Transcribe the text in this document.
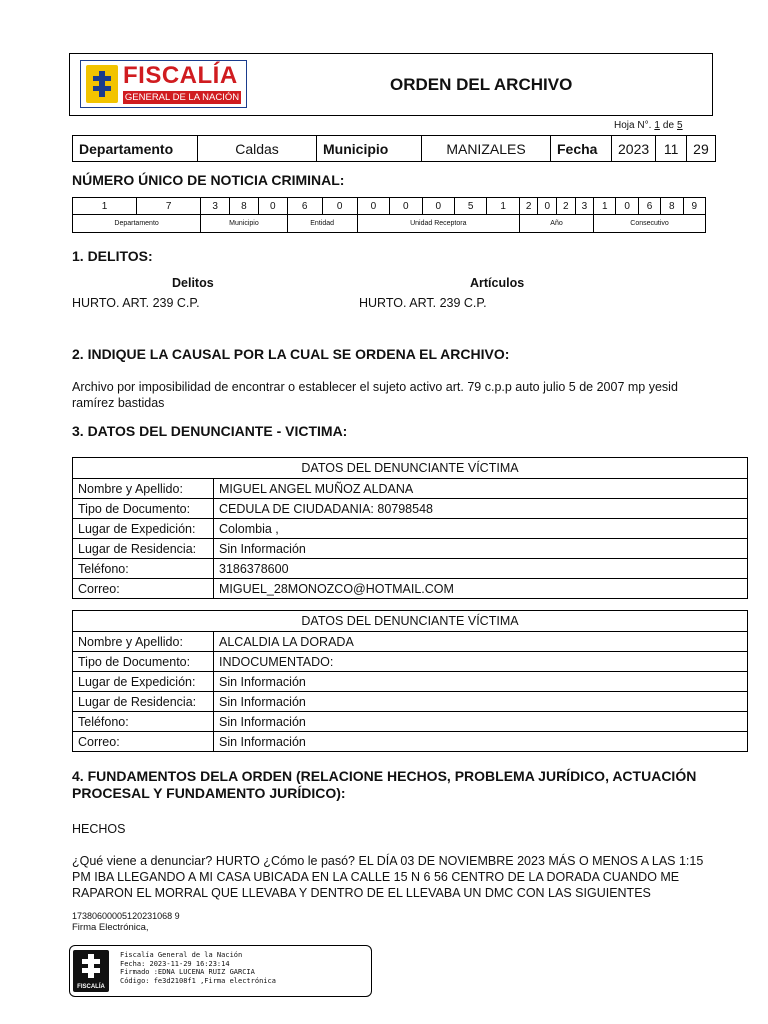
FISCALÍA
GENERAL DE LA NACIÓN
ORDEN DEL ARCHIVO
Hoja N°. 1 de 5
Departamento	Caldas	Municipio	MANIZALES	Fecha	2023	11	29
NÚMERO ÚNICO DE NOTICIA CRIMINAL:
1	7	3	8	0	6	0	0	0	0	5	1	2	0	2	3	1	0	6	8	9
Departamento		Municipio			Entidad		Unidad Receptora					Año				Consecutivo				
1. DELITOS:
Delitos	Artículos
HURTO. ART. 239 C.P.	HURTO. ART. 239 C.P.
2. INDIQUE LA CAUSAL POR LA CUAL SE ORDENA EL ARCHIVO:
Archivo por imposibilidad de encontrar o establecer el sujeto activo art. 79 c.p.p auto julio 5 de 2007 mp yesid
ramírez bastidas
3. DATOS DEL DENUNCIANTE - VICTIMA:
DATOS DEL DENUNCIANTE VÍCTIMA	
Nombre y Apellido:	MIGUEL ANGEL MUÑOZ ALDANA
Tipo de Documento:	CEDULA DE CIUDADANIA: 80798548
Lugar de Expedición:	Colombia ,
Lugar de Residencia:	Sin Información
Teléfono:	3186378600
Correo:	MIGUEL_28MONOZCO@HOTMAIL.COM
DATOS DEL DENUNCIANTE VÍCTIMA	
Nombre y Apellido:	ALCALDIA LA DORADA
Tipo de Documento:	INDOCUMENTADO:
Lugar de Expedición:	Sin Información
Lugar de Residencia:	Sin Información
Teléfono:	Sin Información
Correo:	Sin Información
4. FUNDAMENTOS DELA ORDEN (RELACIONE HECHOS, PROBLEMA JURÍDICO, ACTUACIÓN
PROCESAL Y FUNDAMENTO JURÍDICO):
HECHOS
¿Qué viene a denunciar? HURTO ¿Cómo le pasó? EL DÍA 03 DE NOVIEMBRE 2023 MÁS O MENOS A LAS 1:15
PM IBA LLEGANDO A MI CASA UBICADA EN LA CALLE 15 N 6 56 CENTRO DE LA DORADA CUANDO ME
RAPARON EL MORRAL QUE LLEVABA Y DENTRO DE EL LLEVABA UN DMC CON LAS SIGUIENTES
17380600005120231068 9
Firma Electrónica,
FISCALÍA
Fiscalía General de la Nación
Fecha: 2023-11-29 16:23:14
Firmado :EDNA LUCENA RUIZ GARCIA
Código: fe3d2108f1 ,Firma electrónica
